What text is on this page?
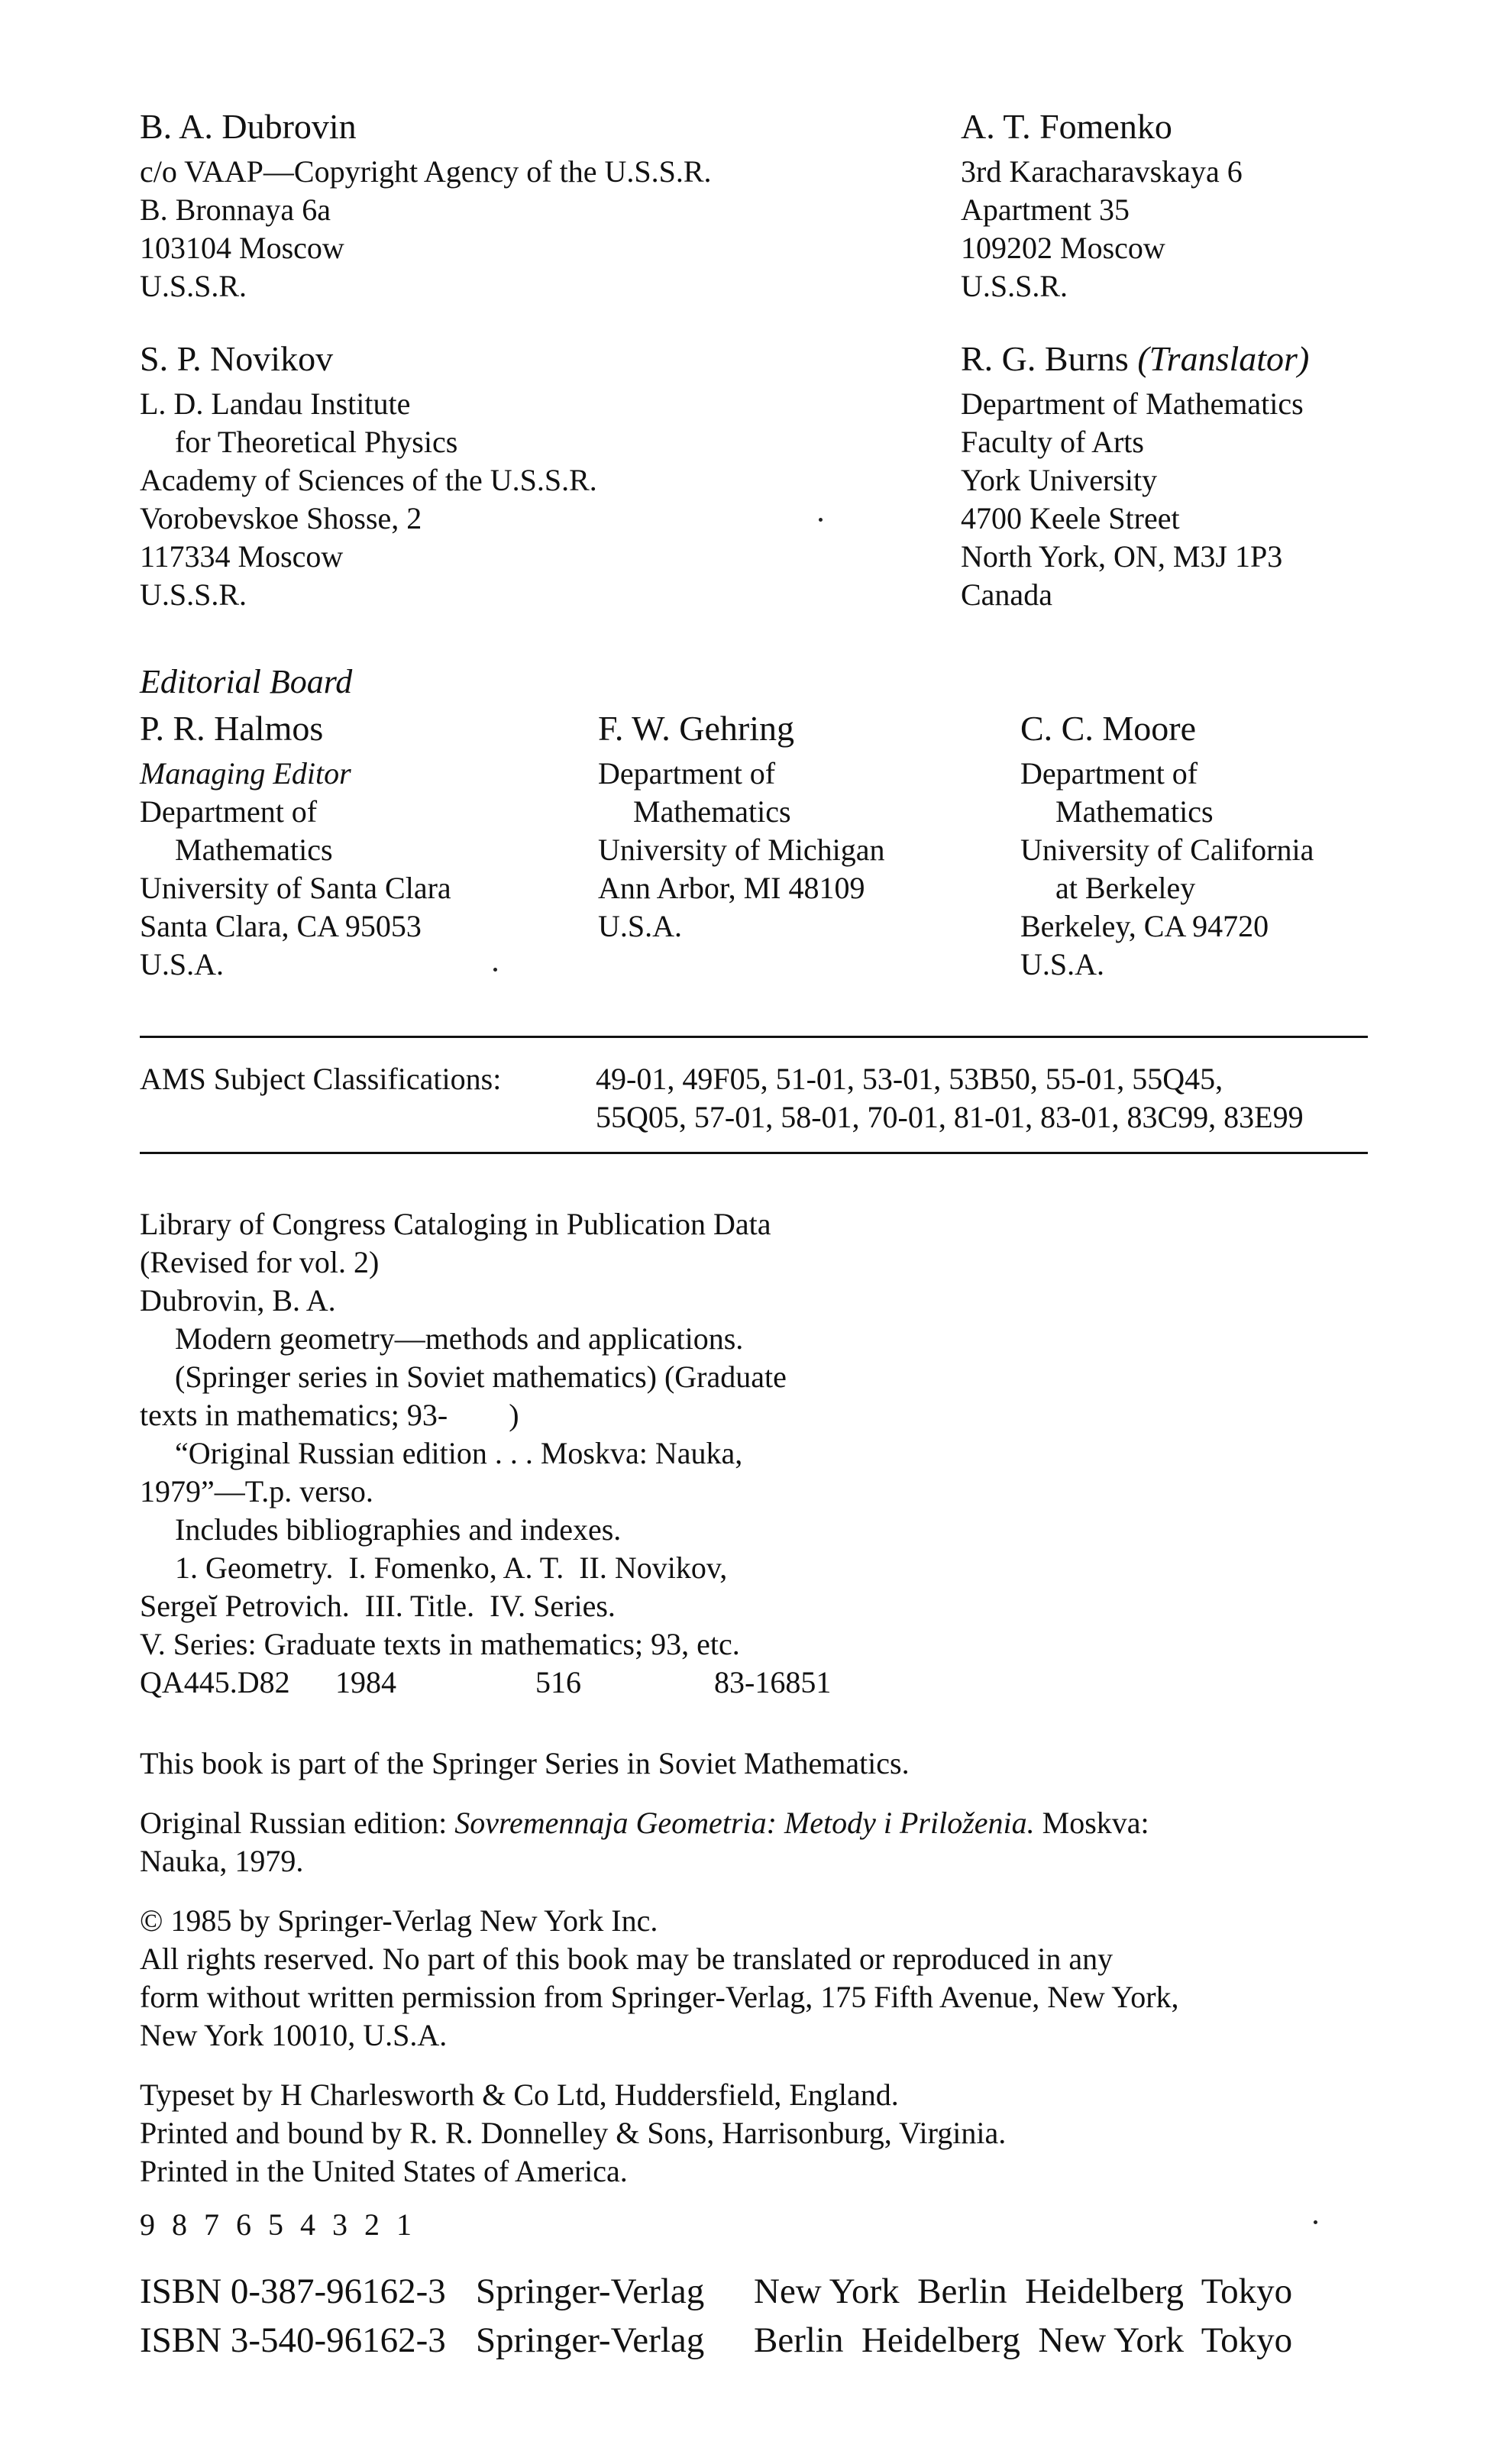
B. A. Dubrovin
c/o VAAP—Copyright Agency of the U.S.S.R.
B. Bronnaya 6a
103104 Moscow
U.S.S.R.
S. P. Novikov
L. D. Landau Institute
for Theoretical Physics
Academy of Sciences of the U.S.S.R.
Vorobevskoe Shosse, 2
117334 Moscow
U.S.S.R.
A. T. Fomenko
3rd Karacharavskaya 6
Apartment 35
109202 Moscow
U.S.S.R.
R. G. Burns (Translator)
Department of Mathematics
Faculty of Arts
York University
4700 Keele Street
North York, ON, M3J 1P3
Canada
Editorial Board
P. R. Halmos
Managing Editor
Department of
Mathematics
University of Santa Clara
Santa Clara, CA 95053
U.S.A.
F. W. Gehring
Department of
Mathematics
University of Michigan
Ann Arbor, MI 48109
U.S.A.
C. C. Moore
Department of
Mathematics
University of California
at Berkeley
Berkeley, CA 94720
U.S.A.
AMS Subject Classifications:	49-01, 49F05, 51-01, 53-01, 53B50, 55-01, 55Q45,
55Q05, 57-01, 58-01, 70-01, 81-01, 83-01, 83C99, 83E99
Library of Congress Cataloging in Publication Data
(Revised for vol. 2)
Dubrovin, B. A.
Modern geometry—methods and applications.
(Springer series in Soviet mathematics) (Graduate
texts in mathematics; 93-        )
“Original Russian edition . . . Moskva: Nauka,
1979”—T.p. verso.
Includes bibliographies and indexes.
1. Geometry.  I. Fomenko, A. T.  II. Novikov,
Sergeĭ Petrovich.  III. Title.  IV. Series.
V. Series: Graduate texts in mathematics; 93, etc.
QA445.D82 1984	516	83-16851
This book is part of the Springer Series in Soviet Mathematics.
Original Russian edition: Sovremennaja Geometria: Metody i Priloženia. Moskva:
Nauka, 1979.
© 1985 by Springer-Verlag New York Inc.
All rights reserved. No part of this book may be translated or reproduced in any
form without written permission from Springer-Verlag, 175 Fifth Avenue, New York,
New York 10010, U.S.A.
Typeset by H Charlesworth & Co Ltd, Huddersfield, England.
Printed and bound by R. R. Donnelley & Sons, Harrisonburg, Virginia.
Printed in the United States of America.
9 8 7 6 5 4 3 2 1
ISBN 0-387-96162-3 Springer-Verlag New York  Berlin  Heidelberg  Tokyo
ISBN 3-540-96162-3 Springer-Verlag Berlin  Heidelberg  New York  Tokyo
